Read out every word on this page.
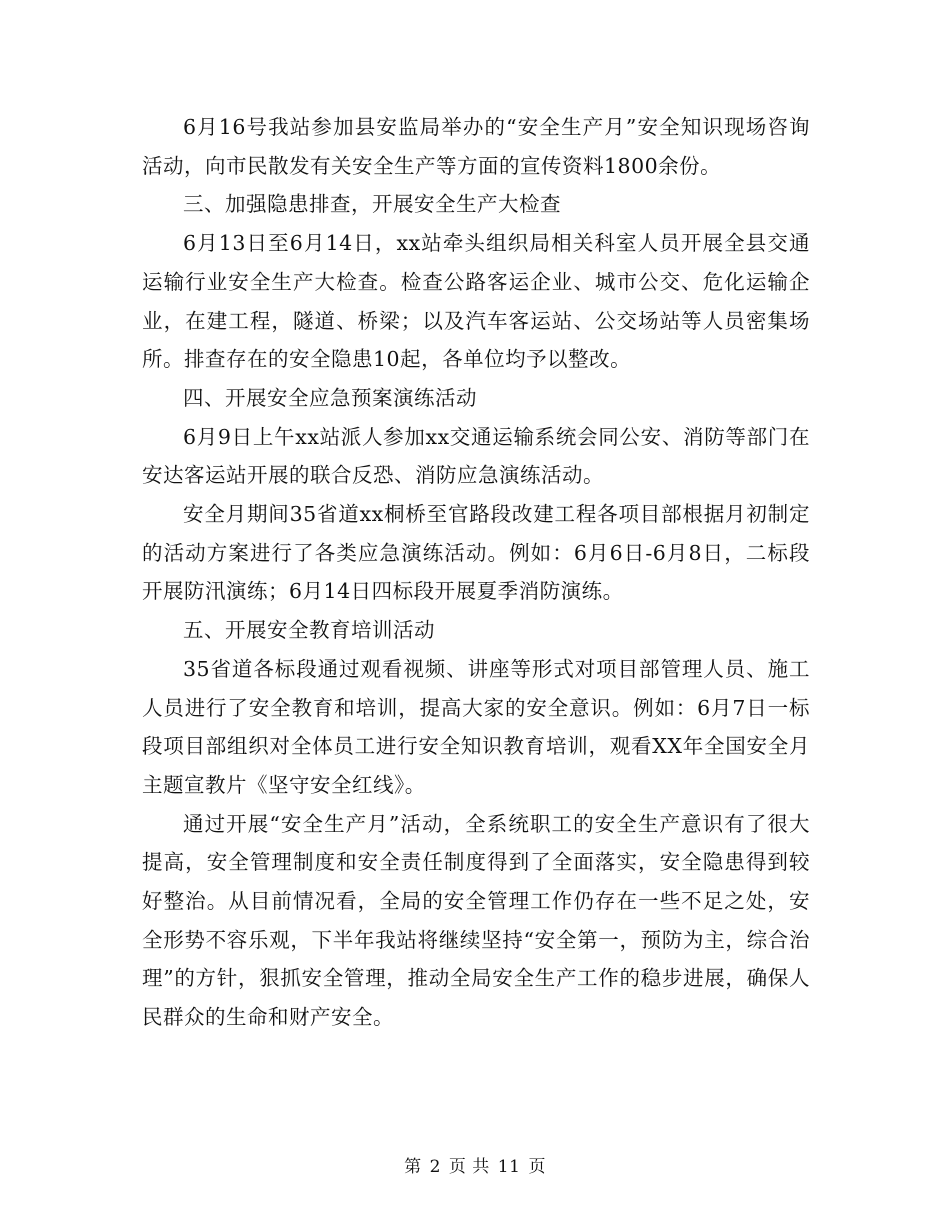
6月16号我站参加县安监局举办的“安全生产月”安全知识现场咨询活动，向市民散发有关安全生产等方面的宣传资料1800余份。

三、加强隐患排查，开展安全生产大检查

6月13日至6月14日，xx站牵头组织局相关科室人员开展全县交通运输行业安全生产大检查。检查公路客运企业、城市公交、危化运输企业，在建工程，隧道、桥梁；以及汽车客运站、公交场站等人员密集场所。排查存在的安全隐患10起，各单位均予以整改。

四、开展安全应急预案演练活动

6月9日上午xx站派人参加xx交通运输系统会同公安、消防等部门在安达客运站开展的联合反恐、消防应急演练活动。

安全月期间35省道xx桐桥至官路段改建工程各项目部根据月初制定的活动方案进行了各类应急演练活动。例如：6月6日-6月8日，二标段开展防汛演练；6月14日四标段开展夏季消防演练。

五、开展安全教育培训活动

35省道各标段通过观看视频、讲座等形式对项目部管理人员、施工人员进行了安全教育和培训，提高大家的安全意识。例如：6月7日一标段项目部组织对全体员工进行安全知识教育培训，观看XX年全国安全月主题宣教片《坚守安全红线》。

通过开展“安全生产月”活动，全系统职工的安全生产意识有了很大提高，安全管理制度和安全责任制度得到了全面落实，安全隐患得到较好整治。从目前情况看，全局的安全管理工作仍存在一些不足之处，安全形势不容乐观，下半年我站将继续坚持“安全第一，预防为主，综合治理”的方针，狠抓安全管理，推动全局安全生产工作的稳步进展，确保人民群众的生命和财产安全。

第 2 页 共 11 页
